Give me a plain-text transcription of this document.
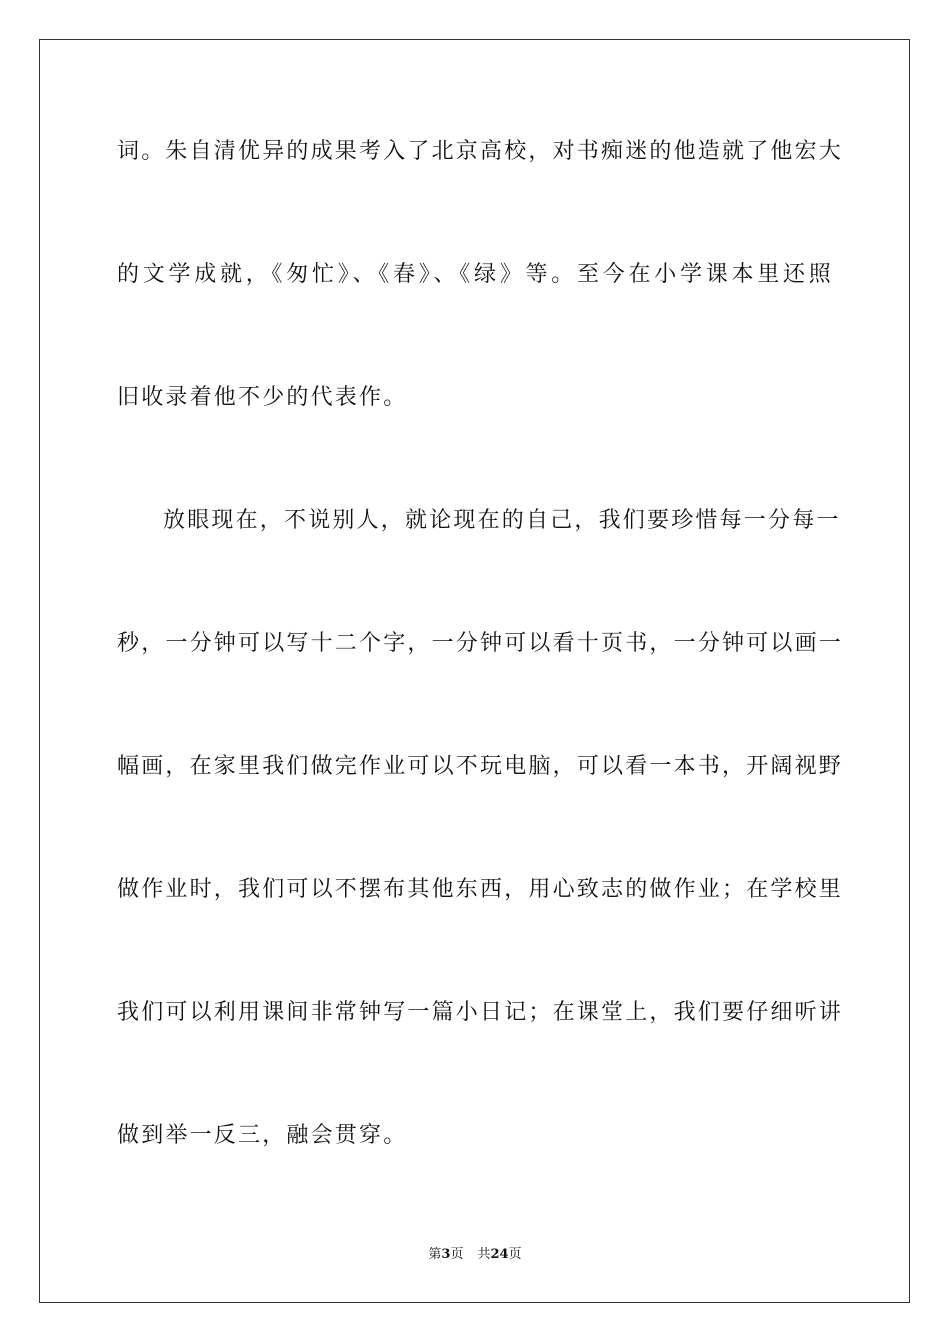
词。朱自清优异的成果考入了北京高校，对书痴迷的他造就了他宏大
的文学成就，《匆忙》、《春》、《绿》等。至今在小学课本里还照
旧收录着他不少的代表作。
放眼现在，不说别人，就论现在的自己，我们要珍惜每一分每一
秒，一分钟可以写十二个字，一分钟可以看十页书，一分钟可以画一
幅画，在家里我们做完作业可以不玩电脑，可以看一本书，开阔视野
做作业时，我们可以不摆布其他东西，用心致志的做作业；在学校里
我们可以利用课间非常钟写一篇小日记；在课堂上，我们要仔细听讲
做到举一反三，融会贯穿。
第3页 共24页
